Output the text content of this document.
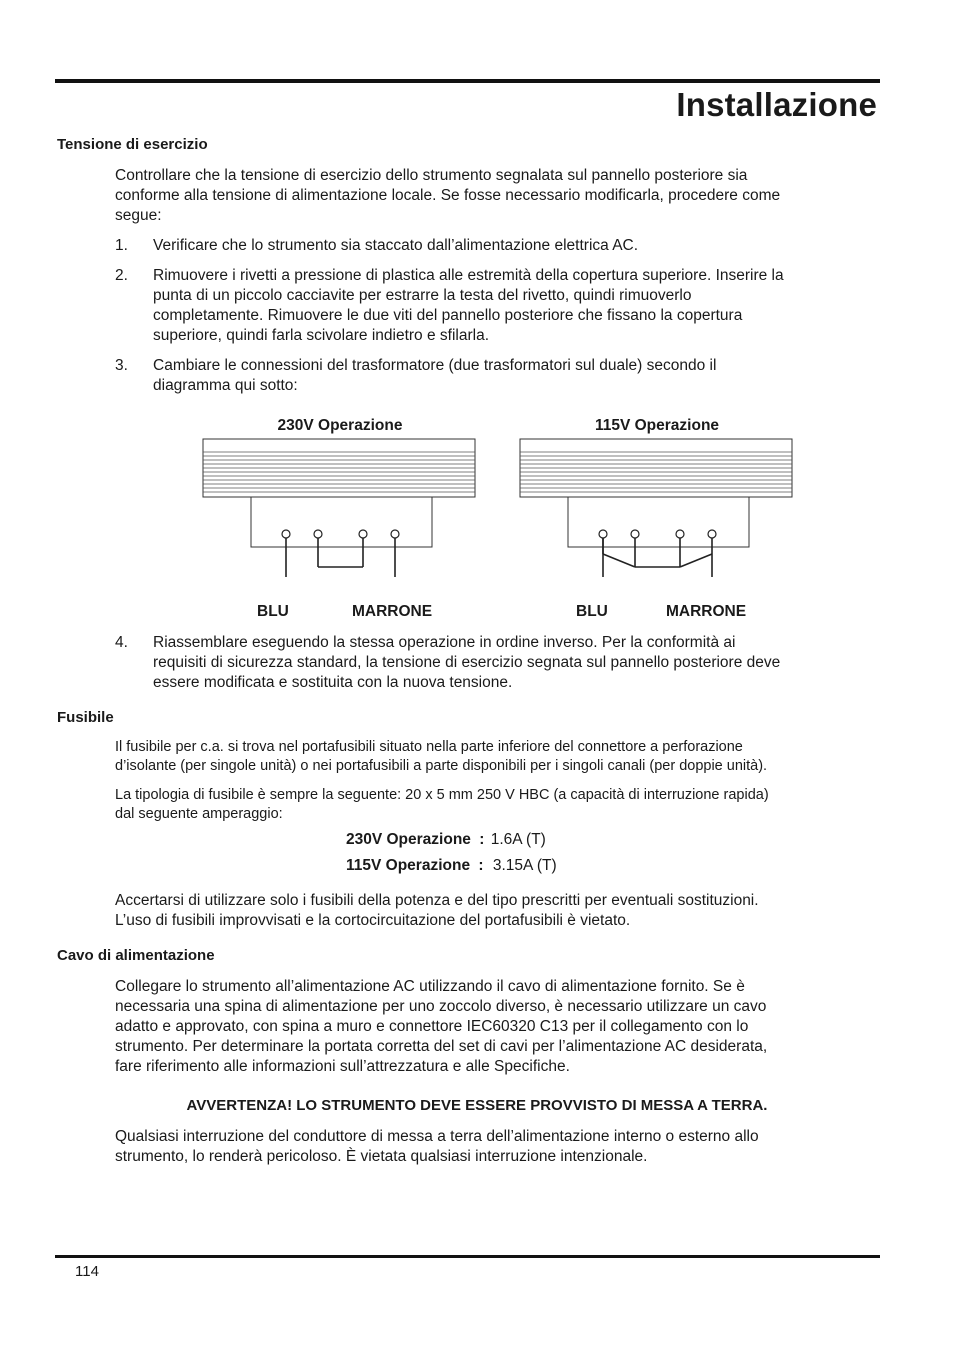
Installazione
Tensione di esercizio

Controllare che la tensione di esercizio dello strumento segnalata sul pannello posteriore sia
conforme alla tensione di alimentazione locale. Se fosse necessario modificarla, procedere come
segue:

1. Verificare che lo strumento sia staccato dall’alimentazione elettrica AC.

2. Rimuovere i rivetti a pressione di plastica alle estremità della copertura superiore. Inserire la
punta di un piccolo cacciavite per estrarre la testa del rivetto, quindi rimuoverlo
completamente. Rimuovere le due viti del pannello posteriore che fissano la copertura
superiore, quindi farla scivolare indietro e sfilarla.

3. Cambiare le connessioni del trasformatore (due trasformatori sul duale) secondo il
diagramma qui sotto:

230V Operazione	115V Operazione
BLU	MARRONE	BLU	MARRONE
4. Riassemblare eseguendo la stessa operazione in ordine inverso. Per la conformità ai
requisiti di sicurezza standard, la tensione di esercizio segnata sul pannello posteriore deve
essere modificata e sostituita con la nuova tensione.

Fusibile

Il fusibile per c.a. si trova nel portafusibili situato nella parte inferiore del connettore a perforazione
d’isolante (per singole unità) o nei portafusibili a parte disponibili per i singoli canali (per doppie unità).

La tipologia di fusibile è sempre la seguente: 20 x 5 mm 250 V HBC (a capacità di interruzione rapida)
dal seguente amperaggio:

230V Operazione : 1.6A (T)
115V Operazione : 3.15A (T)

Accertarsi di utilizzare solo i fusibili della potenza e del tipo prescritti per eventuali sostituzioni.
L’uso di fusibili improvvisati e la cortocircuitazione del portafusibili è vietato.

Cavo di alimentazione

Collegare lo strumento all’alimentazione AC utilizzando il cavo di alimentazione fornito. Se è
necessaria una spina di alimentazione per uno zoccolo diverso, è necessario utilizzare un cavo
adatto e approvato, con spina a muro e connettore IEC60320 C13 per il collegamento con lo
strumento. Per determinare la portata corretta del set di cavi per l’alimentazione AC desiderata,
fare riferimento alle informazioni sull’attrezzatura e alle Specifiche.

AVVERTENZA! LO STRUMENTO DEVE ESSERE PROVVISTO DI MESSA A TERRA.

Qualsiasi interruzione del conduttore di messa a terra dell’alimentazione interno o esterno allo
strumento, lo renderà pericoloso. È vietata qualsiasi interruzione intenzionale.

114
